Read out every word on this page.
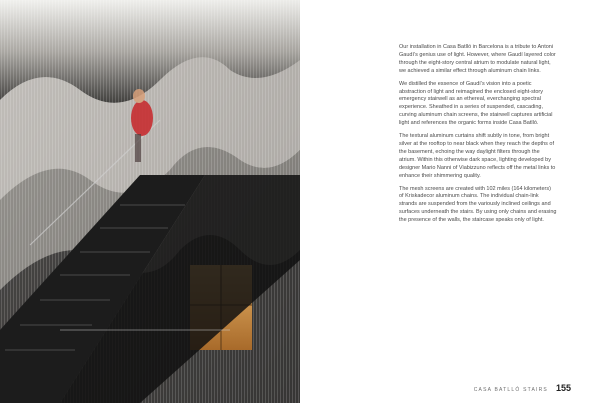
Our installation in Casa Batlló in Barcelona is a tribute to Antoni Gaudí’s genius use of light. However, where Gaudí layered color through the eight-story central atrium to modulate natural light, we achieved a similar effect through aluminum chain links.

We distilled the essence of Gaudí’s vision into a poetic abstraction of light and reimagined the enclosed eight-story emergency stairwell as an ethereal, everchanging spectral experience. Sheathed in a series of suspended, cascading, curving aluminum chain screens, the stairwell captures artificial light and references the organic forms inside Casa Batlló.

The textural aluminum curtains shift subtly in tone, from bright silver at the rooftop to near black when they reach the depths of the basement, echoing the way daylight filters through the atrium. Within this otherwise dark space, lighting developed by designer Mario Nanni of Viabizzuno reflects off the metal links to enhance their shimmering quality.

The mesh screens are created with 102 miles (164 kilometers) of Kriskadecor aluminum chains. The individual chain-link strands are suspended from the variously inclined ceilings and surfaces underneath the stairs. By using only chains and erasing the presence of the walls, the staircase speaks only of light.

CASA BATLLÓ STAIRS 155
